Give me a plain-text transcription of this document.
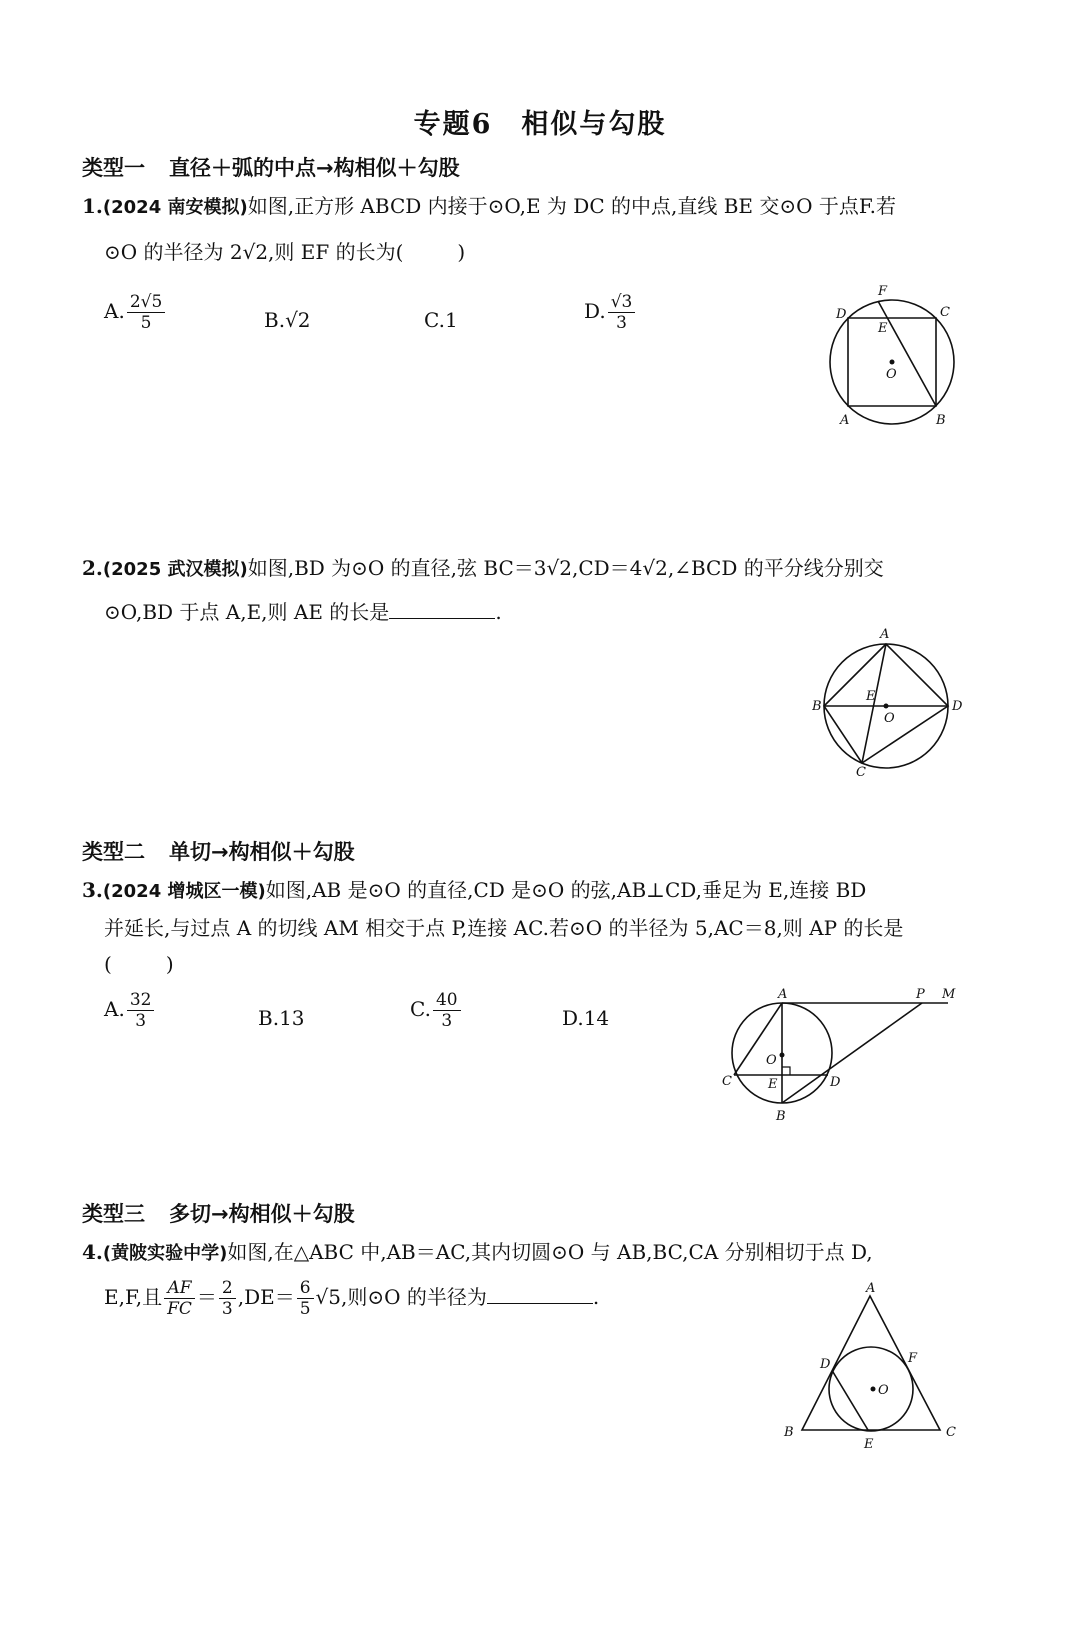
专题6　相似与勾股
类型一 直径＋弧的中点→构相似＋勾股
1.(2024 南安模拟)如图,正方形 ABCD 内接于⊙O,E 为 DC 的中点,直线 BE 交⊙O 于点F.若
⊙O 的半径为 2√2,则 EF 的长为(	)
A. $\frac{2√5}{5}$	B.√2	C.1	D. $\frac{√3}{3}$
F
D	C
E
O
A	B
2.(2025 武汉模拟)如图,BD 为⊙O 的直径,弦 BC＝3√2,CD＝4√2,∠BCD 的平分线分别交
⊙O,BD 于点 A,E,则 AE 的长是	.
A
B
C
D
E
O
类型二 单切→构相似＋勾股
3.(2024 增城区一模)如图,AB 是⊙O 的直径,CD 是⊙O 的弦,AB⊥CD,垂足为 E,连接 BD
并延长,与过点 A 的切线 AM 相交于点 P,连接 AC.若⊙O 的半径为 5,AC＝8,则 AP 的长是
(	)
A. $\frac{32}{3}$	B.13	C. $\frac{40}{3}$	D.14
A	P M
O
C	E	D
B
类型三 多切→构相似＋勾股
4.(黄陂实验中学)如图,在△ABC 中,AB＝AC,其内切圆⊙O 与 AB,BC,CA 分别相切于点 D,
E,F,且 $\frac{AF}{FC} = \frac{2}{3} ,DE= \frac{6}{5} √5$,则⊙O 的半径为	.	A
D	F
O
B
E
C
